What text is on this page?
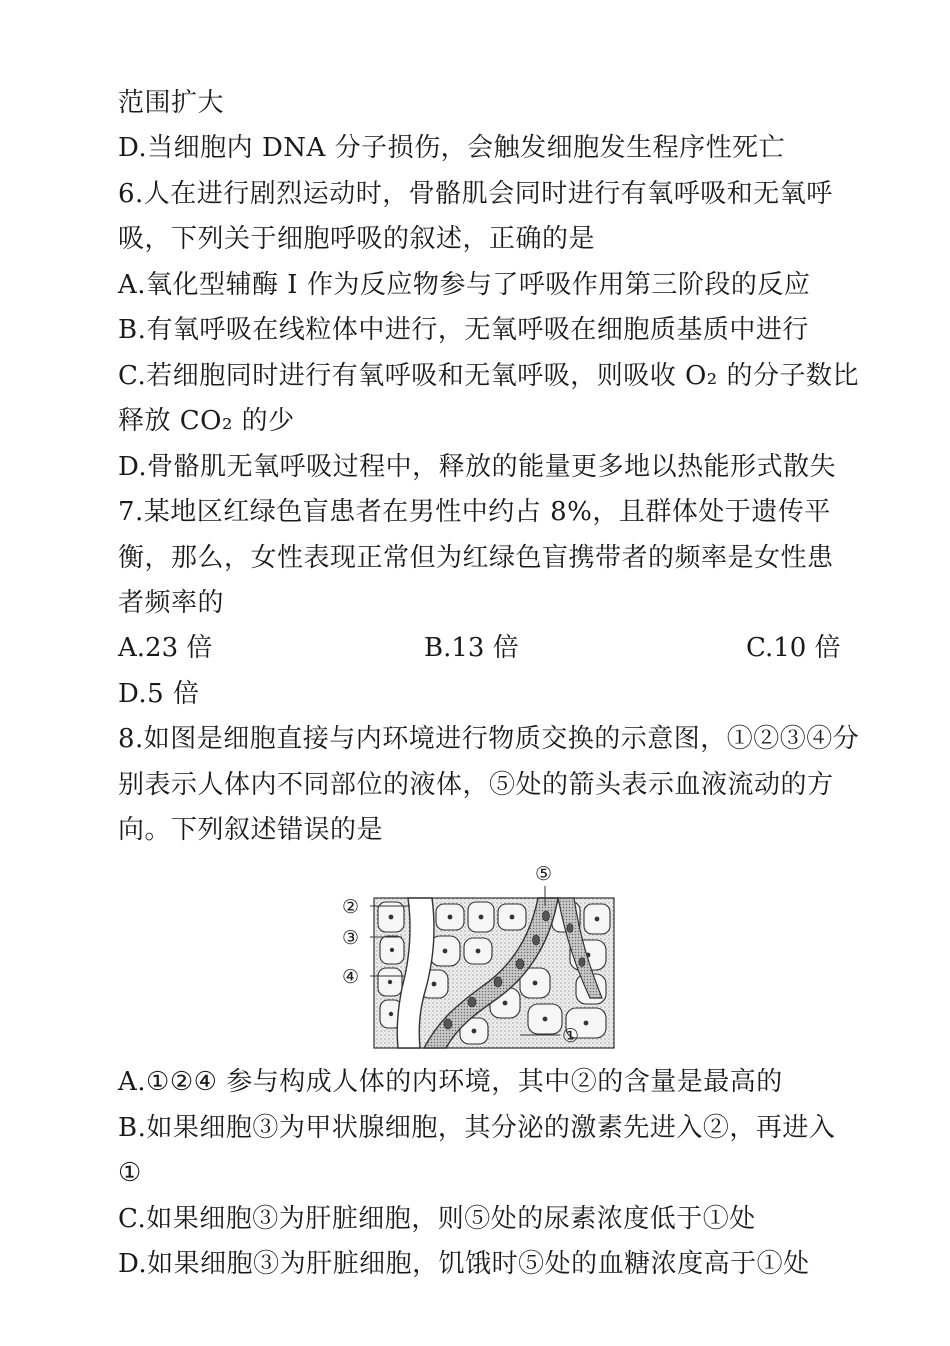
范围扩大
D.当细胞内 DNA 分子损伤，会触发细胞发生程序性死亡
6.人在进行剧烈运动时，骨骼肌会同时进行有氧呼吸和无氧呼
吸，下列关于细胞呼吸的叙述，正确的是
A.氧化型辅酶 I 作为反应物参与了呼吸作用第三阶段的反应
B.有氧呼吸在线粒体中进行，无氧呼吸在细胞质基质中进行
C.若细胞同时进行有氧呼吸和无氧呼吸，则吸收 O₂ 的分子数比
释放 CO₂ 的少
D.骨骼肌无氧呼吸过程中，释放的能量更多地以热能形式散失
7.某地区红绿色盲患者在男性中约占 8%，且群体处于遗传平
衡，那么，女性表现正常但为红绿色盲携带者的频率是女性患
者频率的
A.23 倍	B.13 倍	C.10 倍
D.5 倍
8.如图是细胞直接与内环境进行物质交换的示意图，①②③④分
别表示人体内不同部位的液体，⑤处的箭头表示血液流动的方
向。下列叙述错误的是
②
③
④
⑤
①
A.①②④ 参与构成人体的内环境，其中②的含量是最高的
B.如果细胞③为甲状腺细胞，其分泌的激素先进入②，再进入
①
C.如果细胞③为肝脏细胞，则⑤处的尿素浓度低于①处
D.如果细胞③为肝脏细胞，饥饿时⑤处的血糖浓度高于①处
